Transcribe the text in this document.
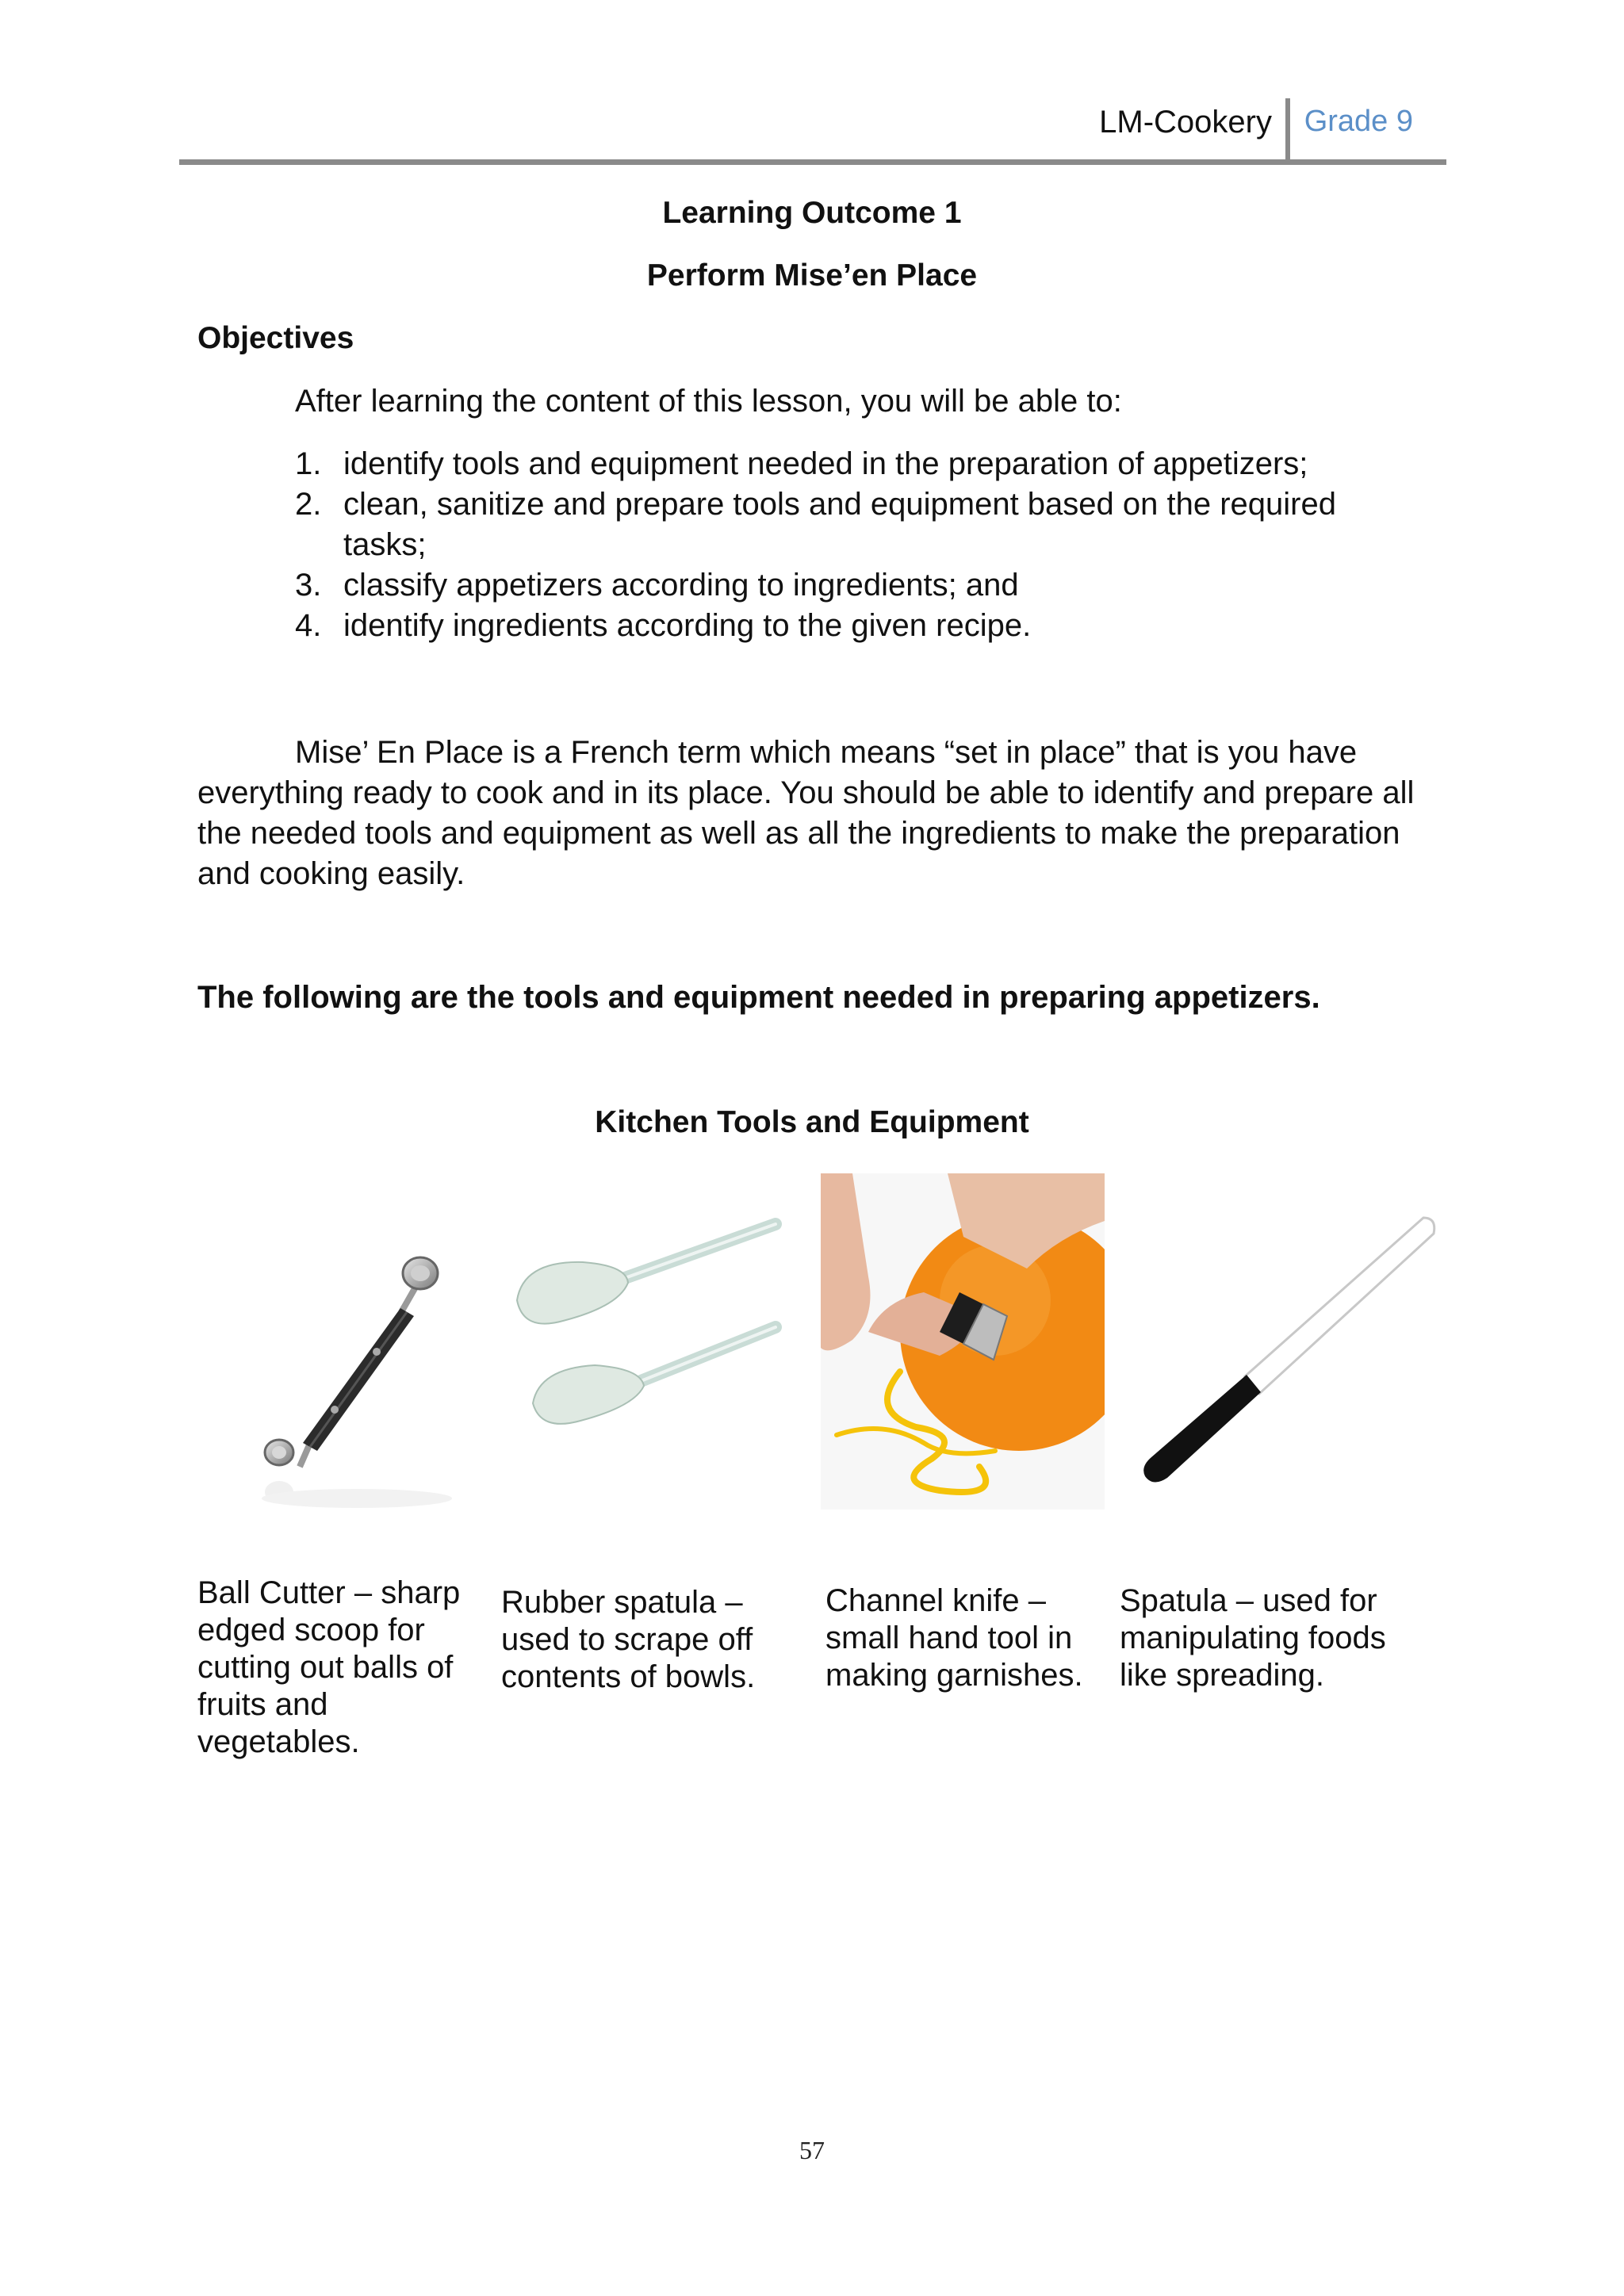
LM-Cookery Grade 9
Learning Outcome 1
Perform Mise’en Place
Objectives
After learning the content of this lesson, you will be able to:
1. identify tools and equipment needed in the preparation of appetizers;
2. clean, sanitize and prepare tools and equipment based on the required tasks;
3. classify appetizers according to ingredients; and
4. identify ingredients according to the given recipe.

Mise’ En Place is a French term which means “set in place” that is you have everything ready to cook and in its place. You should be able to identify and prepare all the needed tools and equipment as well as all the ingredients to make the preparation and cooking easily.

The following are the tools and equipment needed in preparing appetizers.
Kitchen Tools and Equipment

Ball Cutter – sharp edged scoop for cutting out balls of fruits and vegetables.

Rubber spatula – used to scrape off contents of bowls.

Channel knife – small hand tool in making garnishes.

Spatula – used for manipulating foods like spreading.

57
